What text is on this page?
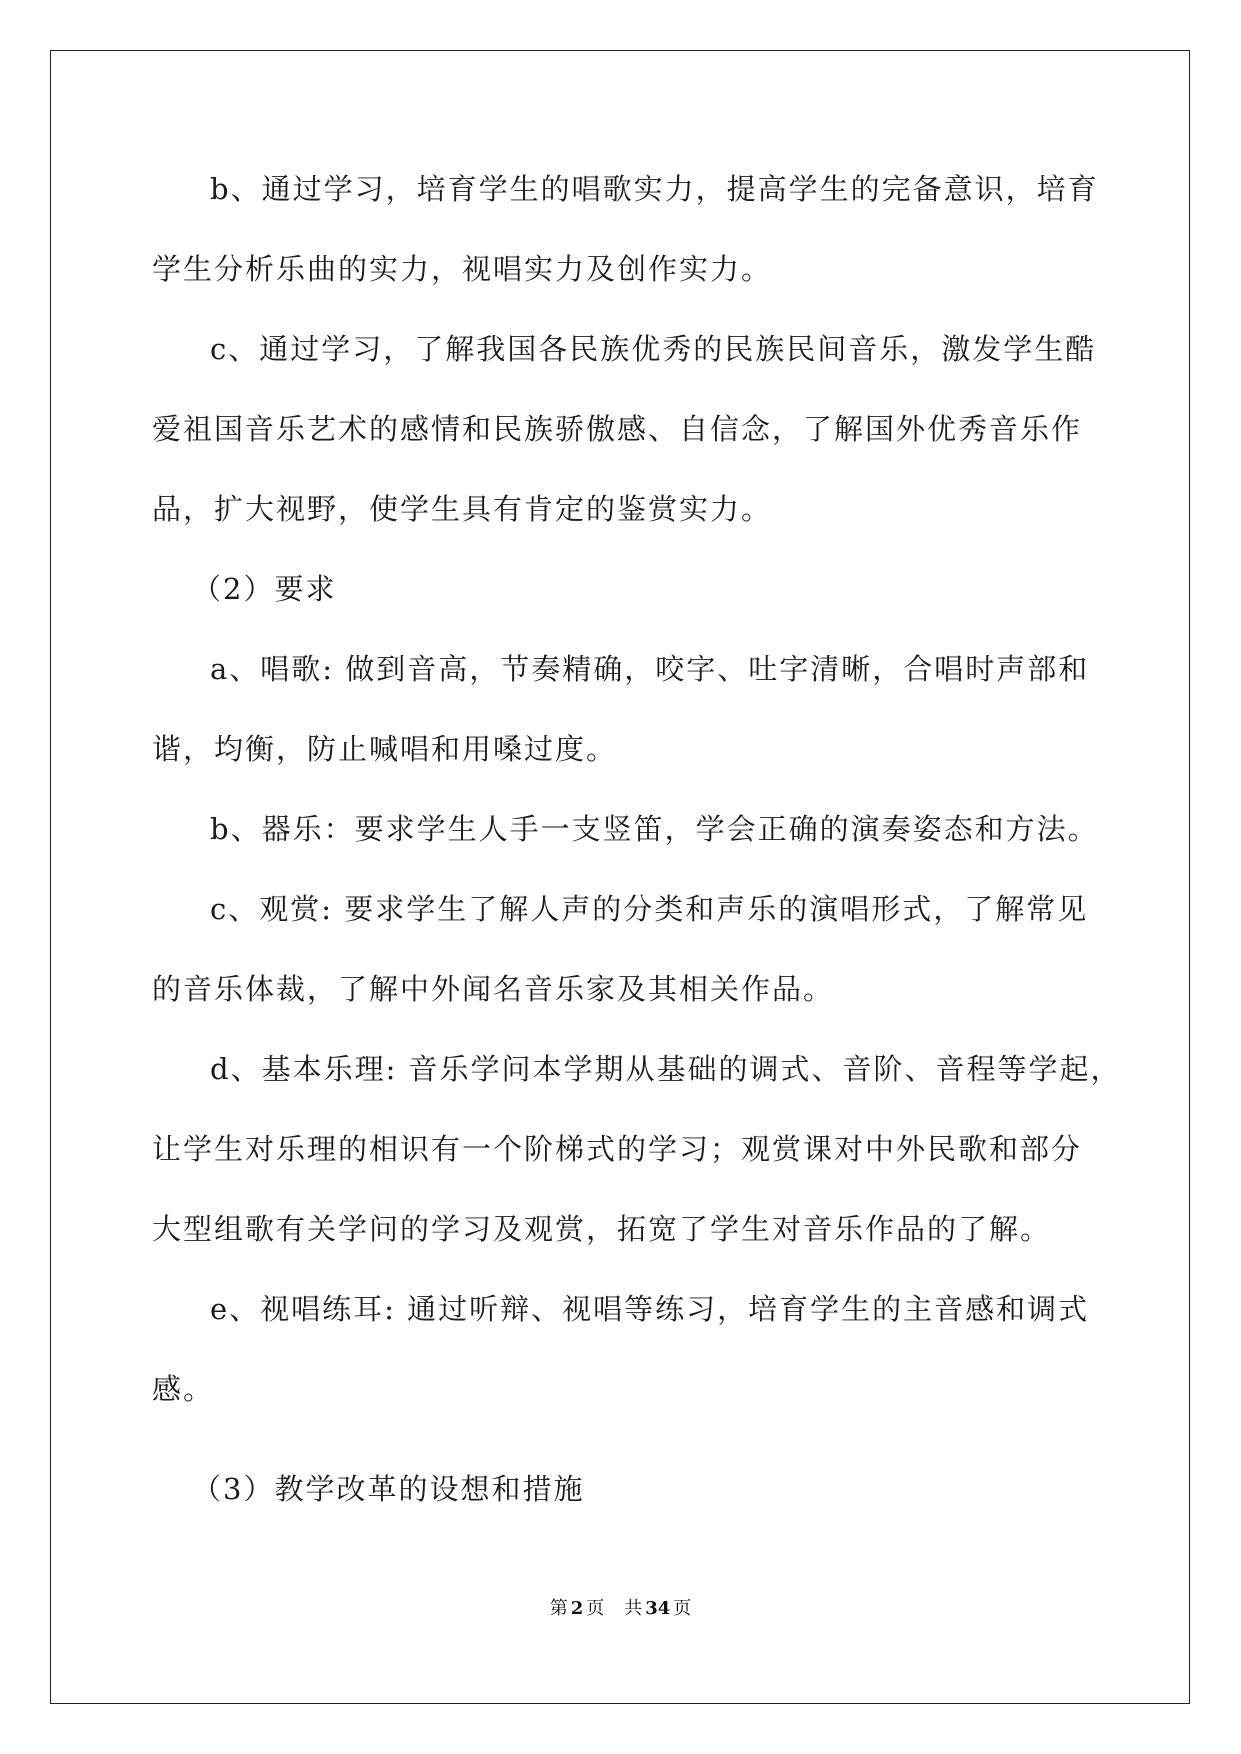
b、通过学习，培育学生的唱歌实力，提高学生的完备意识，培育
学生分析乐曲的实力，视唱实力及创作实力。
c、通过学习，了解我国各民族优秀的民族民间音乐，激发学生酷
爱祖国音乐艺术的感情和民族骄傲感、自信念，了解国外优秀音乐作
品，扩大视野，使学生具有肯定的鉴赏实力。
（2）要求
a、唱歌: 做到音高，节奏精确，咬字、吐字清晰，合唱时声部和
谐，均衡，防止喊唱和用嗓过度。
b、器乐：要求学生人手一支竖笛，学会正确的演奏姿态和方法。
c、观赏: 要求学生了解人声的分类和声乐的演唱形式，了解常见
的音乐体裁，了解中外闻名音乐家及其相关作品。
d、基本乐理: 音乐学问本学期从基础的调式、音阶、音程等学起，
让学生对乐理的相识有一个阶梯式的学习；观赏课对中外民歌和部分
大型组歌有关学问的学习及观赏，拓宽了学生对音乐作品的了解。
e、视唱练耳: 通过听辩、视唱等练习，培育学生的主音感和调式
感。
（3）教学改革的设想和措施
第 2 页 共 34 页
